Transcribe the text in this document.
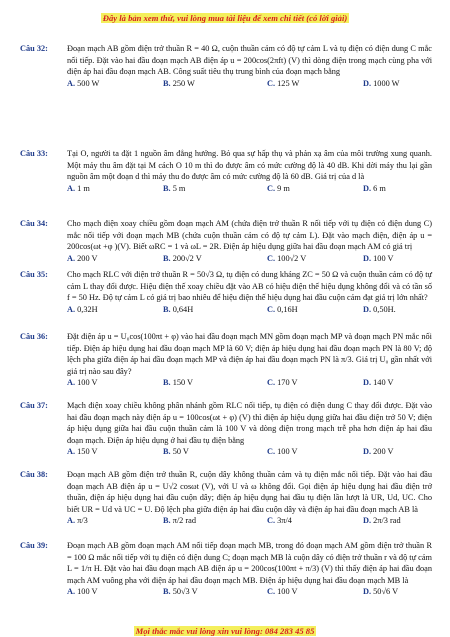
Đây là bản xem thử, vui lòng mua tài liệu để xem chi tiết (có lời giải)
Câu 32: Đoạn mạch AB gồm điện trở thuần R = 40 Ω, cuộn thuần cảm có độ tự cảm L và tụ điện có điện dung C mắc nối tiếp. Đặt vào hai đầu đoạn mạch AB điện áp u = 200cos(2πft) (V) thì dòng điện trong mạch cùng pha với điện áp hai đầu đoạn mạch AB. Công suất tiêu thụ trung bình của đoạn mạch bằng
A. 500 W	B. 250 W	C. 125 W	D. 1000 W
Câu 33: Tại O, người ta đặt 1 nguồn âm đẳng hướng. Bỏ qua sự hấp thụ và phản xạ âm của môi trường xung quanh. Một máy thu âm đặt tại M cách O 10 m thì đo được âm có mức cường độ là 40 dB. Khi dời máy thu lại gần nguồn âm một đoạn d thì máy thu đo được âm có mức cường độ là 60 dB. Giá trị của d là
A. 1 m	B. 5 m	C. 9 m	D. 6 m
Câu 34: Cho mạch điện xoay chiều gồm đoạn mạch AM (chứa điện trở thuần R nối tiếp với tụ điện có điện dung C) mắc nối tiếp với đoạn mạch MB (chứa cuộn thuần cảm có độ tự cảm L). Đặt vào mạch điện, điện áp u = 200cos(ωt +φ )(V). Biết ωRC = 1 và ωL = 2R. Điện áp hiệu dụng giữa hai đầu đoạn mạch AM có giá trị
A. 200 V	B. 200√2 V	C. 100√2 V	D. 100 V
Câu 35: Cho mạch RLC với điện trở thuần R = 50√3 Ω, tụ điện có dung kháng ZC = 50 Ω và cuộn thuần cảm có độ tự cảm L thay đổi được. Hiệu điện thế xoay chiều đặt vào AB có hiệu điện thế hiệu dụng không đổi và có tần số f = 50 Hz. Độ tự cảm L có giá trị bao nhiêu để hiệu điện thế hiệu dụng hai đầu cuộn cảm đạt giá trị lớn nhất?
A. 0,32H	B. 0,64H	C. 0,16H	D. 0,50H.
Câu 36: Đặt điện áp u = U₀cos(100πt + φ) vào hai đầu đoạn mạch MN gồm đoạn mạch MP và đoạn mạch PN mắc nối tiếp. Điện áp hiệu dụng hai đầu đoạn mạch MP là 60 V; điện áp hiệu dụng hai đầu đoạn mạch PN là 80 V; độ lệch pha giữa điện áp hai đầu đoạn mạch MP và điện áp hai đầu đoạn mạch PN là π/3. Giá trị U₀ gần nhất với giá trị nào sau đây?
A. 100 V	B. 150 V	C. 170 V	D. 140 V
Câu 37: Mạch điện xoay chiều không phân nhánh gồm RLC nối tiếp, tụ điện có điện dung C thay đổi được. Đặt vào hai đầu đoạn mạch này điện áp u = 100cos(ωt + φ) (V) thì điện áp hiệu dụng giữa hai đầu điện trở 50 V; điện áp hiệu dụng giữa hai đầu cuộn thuần cảm là 100 V và dòng điện trong mạch trễ pha hơn điện áp hai đầu đoạn mạch. Điện áp hiệu dụng ở hai đầu tụ điện bằng
A. 150 V	B. 50 V	C. 100 V	D. 200 V
Câu 38: Đoạn mạch AB gồm điện trở thuần R, cuộn dây không thuần cảm và tụ điện mắc nối tiếp. Đặt vào hai đầu đoạn mạch AB điện áp u = U√2 cosωt (V), với U và ω không đổi. Gọi điện áp hiệu dụng hai đầu điện trở thuần, điện áp hiệu dụng hai đầu cuộn dây; điện áp hiệu dụng hai đầu tụ điện lần lượt là UR, Ud, UC. Cho biết UR = Ud và UC = U. Độ lệch pha giữa điện áp hai đầu cuộn dây và điện áp hai đầu đoạn mạch AB là
A. π/3	B. π/2 rad	C. 3π/4	D. 2π/3 rad
Câu 39: Đoạn mạch AB gồm đoạn mạch AM nối tiếp đoạn mạch MB, trong đó đoạn mạch AM gồm điện trở thuần R = 100 Ω mắc nối tiếp với tụ điện có điện dung C; đoạn mạch MB là cuộn dây có điện trở thuần r và độ tự cảm L = 1/π H. Đặt vào hai đầu đoạn mạch AB điện áp u = 200cos(100πt + π/3) (V) thì thấy điện áp hai đầu đoạn mạch AM vuông pha với điện áp hai đầu đoạn mạch MB. Điện áp hiệu dụng hai đầu đoạn mạch MB là
A. 100 V	B. 50√3 V	C. 100 V	D. 50√6 V
Mọi thắc mắc vui lòng xin vui lòng: 084 283 45 85
